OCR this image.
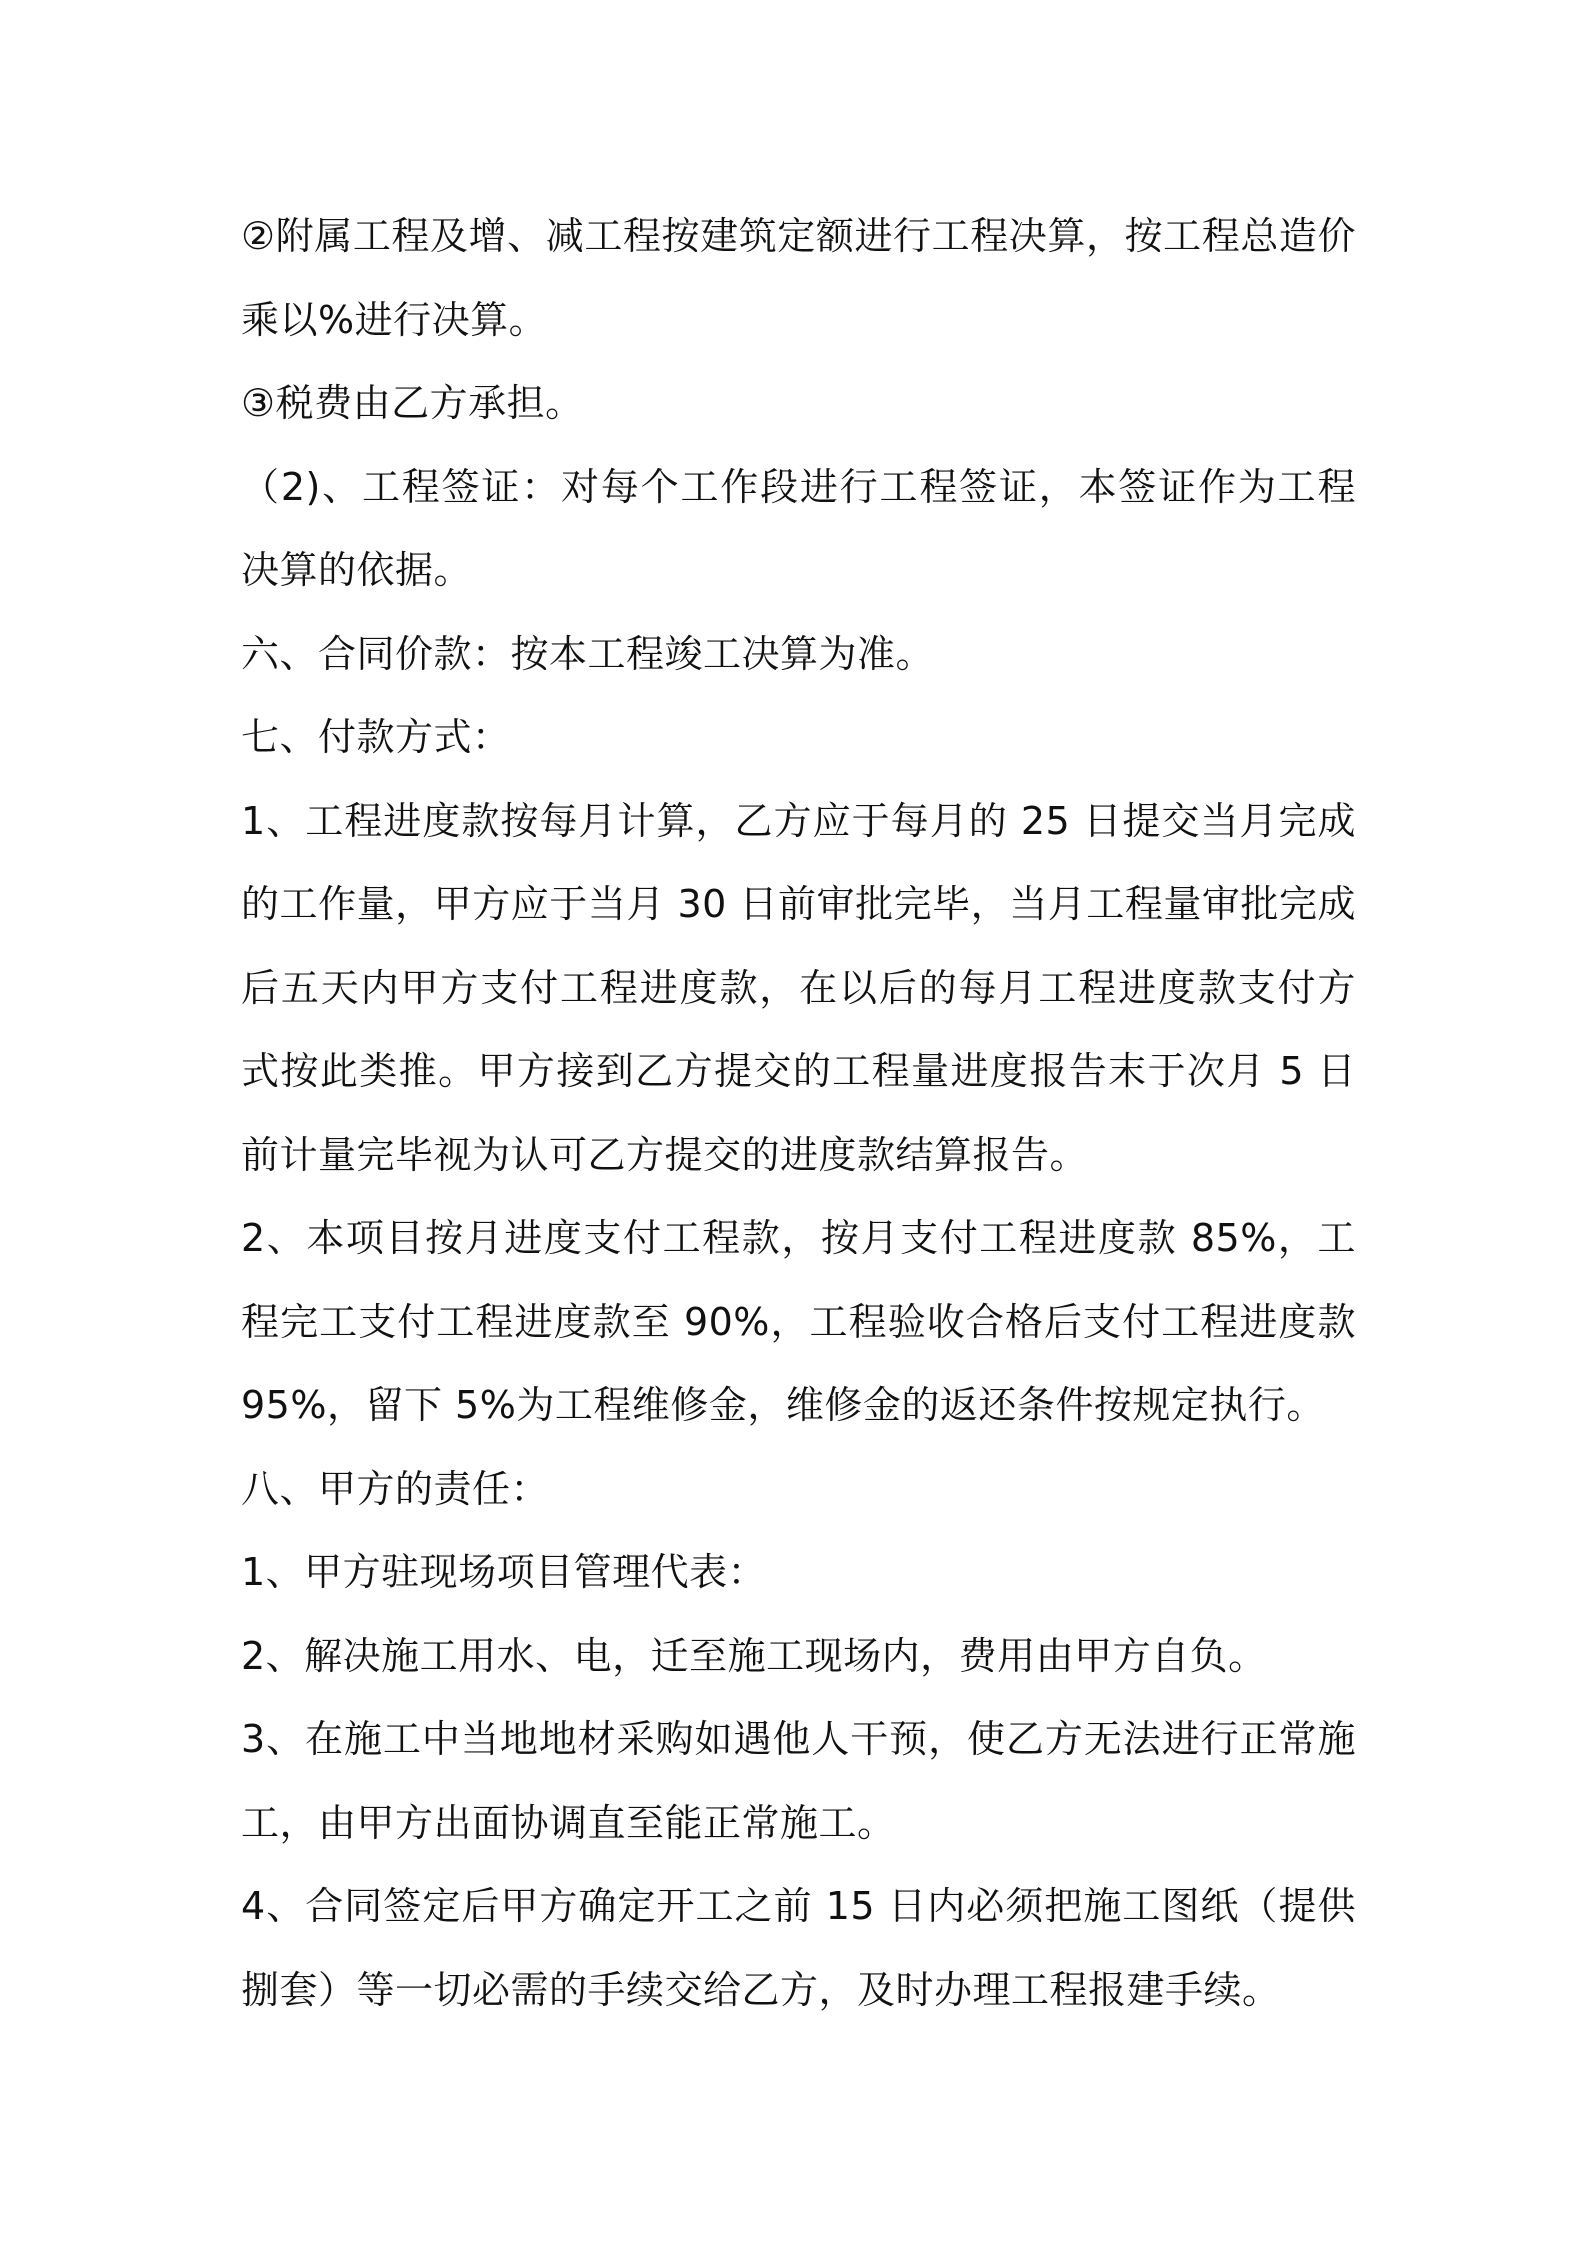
②附属工程及增、减工程按建筑定额进行工程决算，按工程总造价乘以%进行决算。

③税费由乙方承担。

（2)、工程签证：对每个工作段进行工程签证，本签证作为工程决算的依据。

六、合同价款：按本工程竣工决算为准。

七、付款方式：

1、工程进度款按每月计算，乙方应于每月的 25 日提交当月完成的工作量，甲方应于当月 30 日前审批完毕，当月工程量审批完成后五天内甲方支付工程进度款，在以后的每月工程进度款支付方式按此类推。甲方接到乙方提交的工程量进度报告末于次月 5 日前计量完毕视为认可乙方提交的进度款结算报告。

2、本项目按月进度支付工程款，按月支付工程进度款 85%，工程完工支付工程进度款至 90%，工程验收合格后支付工程进度款 95%，留下 5%为工程维修金，维修金的返还条件按规定执行。

八、甲方的责任：

1、甲方驻现场项目管理代表：

2、解决施工用水、电，迁至施工现场内，费用由甲方自负。

3、在施工中当地地材采购如遇他人干预，使乙方无法进行正常施工，由甲方出面协调直至能正常施工。

4、合同签定后甲方确定开工之前 15 日内必须把施工图纸（提供捌套）等一切必需的手续交给乙方，及时办理工程报建手续。
